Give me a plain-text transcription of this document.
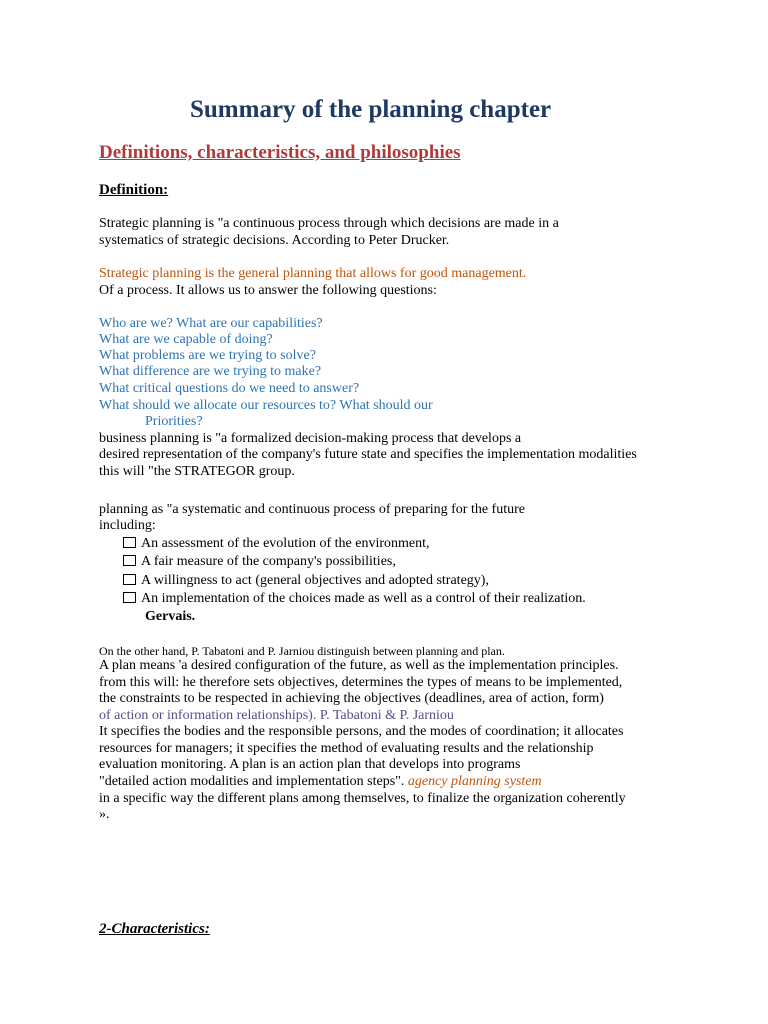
Summary of the planning chapter
Definitions, characteristics, and philosophies
Definition:

Strategic planning is "a continuous process through which decisions are made in a

systematics of strategic decisions. According to Peter Drucker.

Strategic planning is the general planning that allows for good management.

Of a process. It allows us to answer the following questions:

Who are we? What are our capabilities?

What are we capable of doing?

What problems are we trying to solve?

What difference are we trying to make?

What critical questions do we need to answer?

What should we allocate our resources to? What should our

Priorities?

business planning is "a formalized decision-making process that develops a

desired representation of the company's future state and specifies the implementation modalities

this will "the STRATEGOR group.

planning as "a systematic and continuous process of preparing for the future

including:

An assessment of the evolution of the environment,

A fair measure of the company's possibilities,

A willingness to act (general objectives and adopted strategy),

An implementation of the choices made as well as a control of their realization.

Gervais.

On the other hand, P. Tabatoni and P. Jarniou distinguish between planning and plan.

A plan means 'a desired configuration of the future, as well as the implementation principles.

from this will: he therefore sets objectives, determines the types of means to be implemented,

the constraints to be respected in achieving the objectives (deadlines, area of action, form)

of action or information relationships). P. Tabatoni & P. Jarniou

It specifies the bodies and the responsible persons, and the modes of coordination; it allocates

resources for managers; it specifies the method of evaluating results and the relationship

evaluation monitoring. A plan is an action plan that develops into programs

"detailed action modalities and implementation steps". agency planning system

in a specific way the different plans among themselves, to finalize the organization coherently

».

2-Characteristics:
